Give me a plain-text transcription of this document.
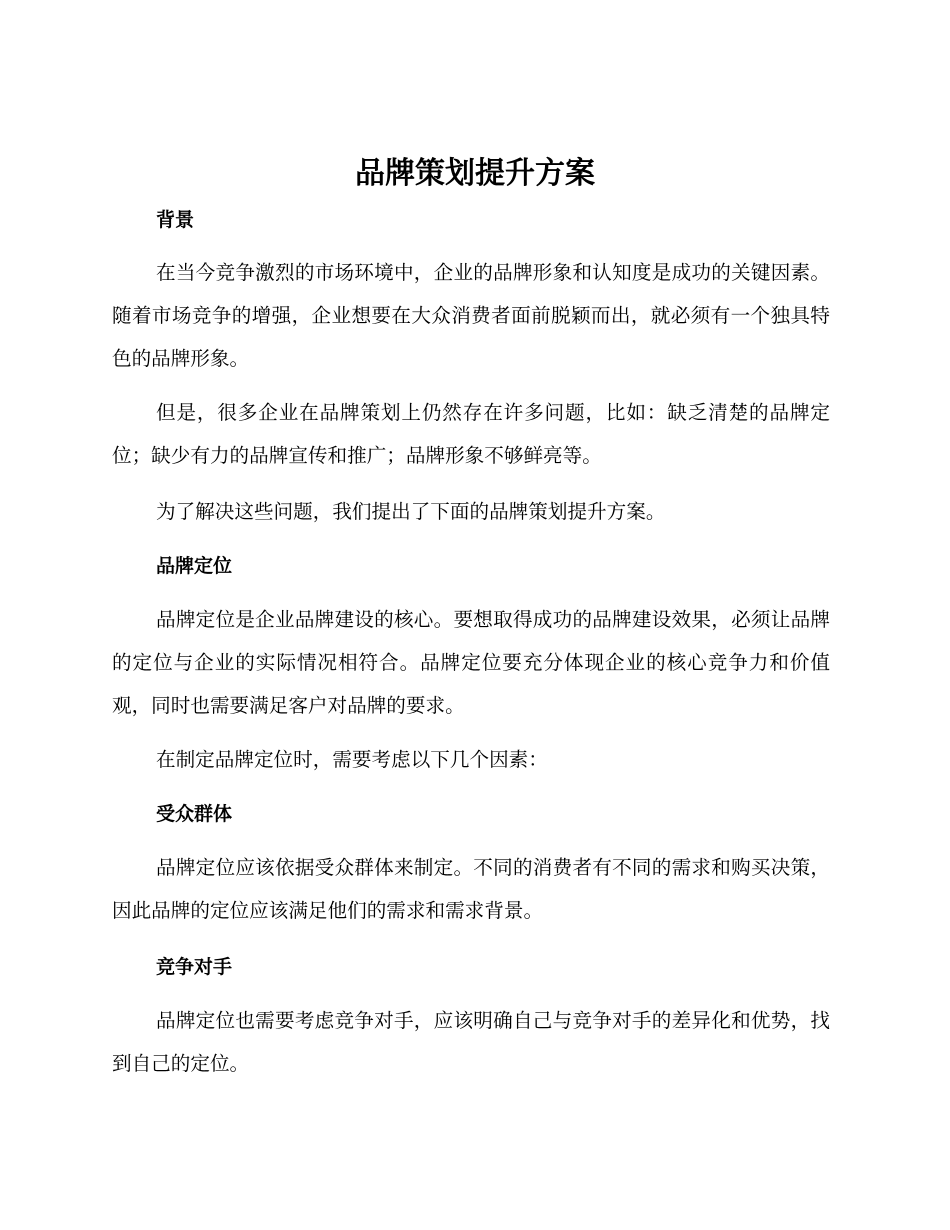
品牌策划提升方案
背景

在当今竞争激烈的市场环境中，企业的品牌形象和认知度是成功的关键因素。随着市场竞争的增强，企业想要在大众消费者面前脱颖而出，就必须有一个独具特色的品牌形象。

但是，很多企业在品牌策划上仍然存在许多问题，比如：缺乏清楚的品牌定位；缺少有力的品牌宣传和推广；品牌形象不够鲜亮等。

为了解决这些问题，我们提出了下面的品牌策划提升方案。

品牌定位

品牌定位是企业品牌建设的核心。要想取得成功的品牌建设效果，必须让品牌的定位与企业的实际情况相符合。品牌定位要充分体现企业的核心竞争力和价值观，同时也需要满足客户对品牌的要求。

在制定品牌定位时，需要考虑以下几个因素：

受众群体

品牌定位应该依据受众群体来制定。不同的消费者有不同的需求和购买决策，因此品牌的定位应该满足他们的需求和需求背景。

竞争对手

品牌定位也需要考虑竞争对手，应该明确自己与竞争对手的差异化和优势，找到自己的定位。
